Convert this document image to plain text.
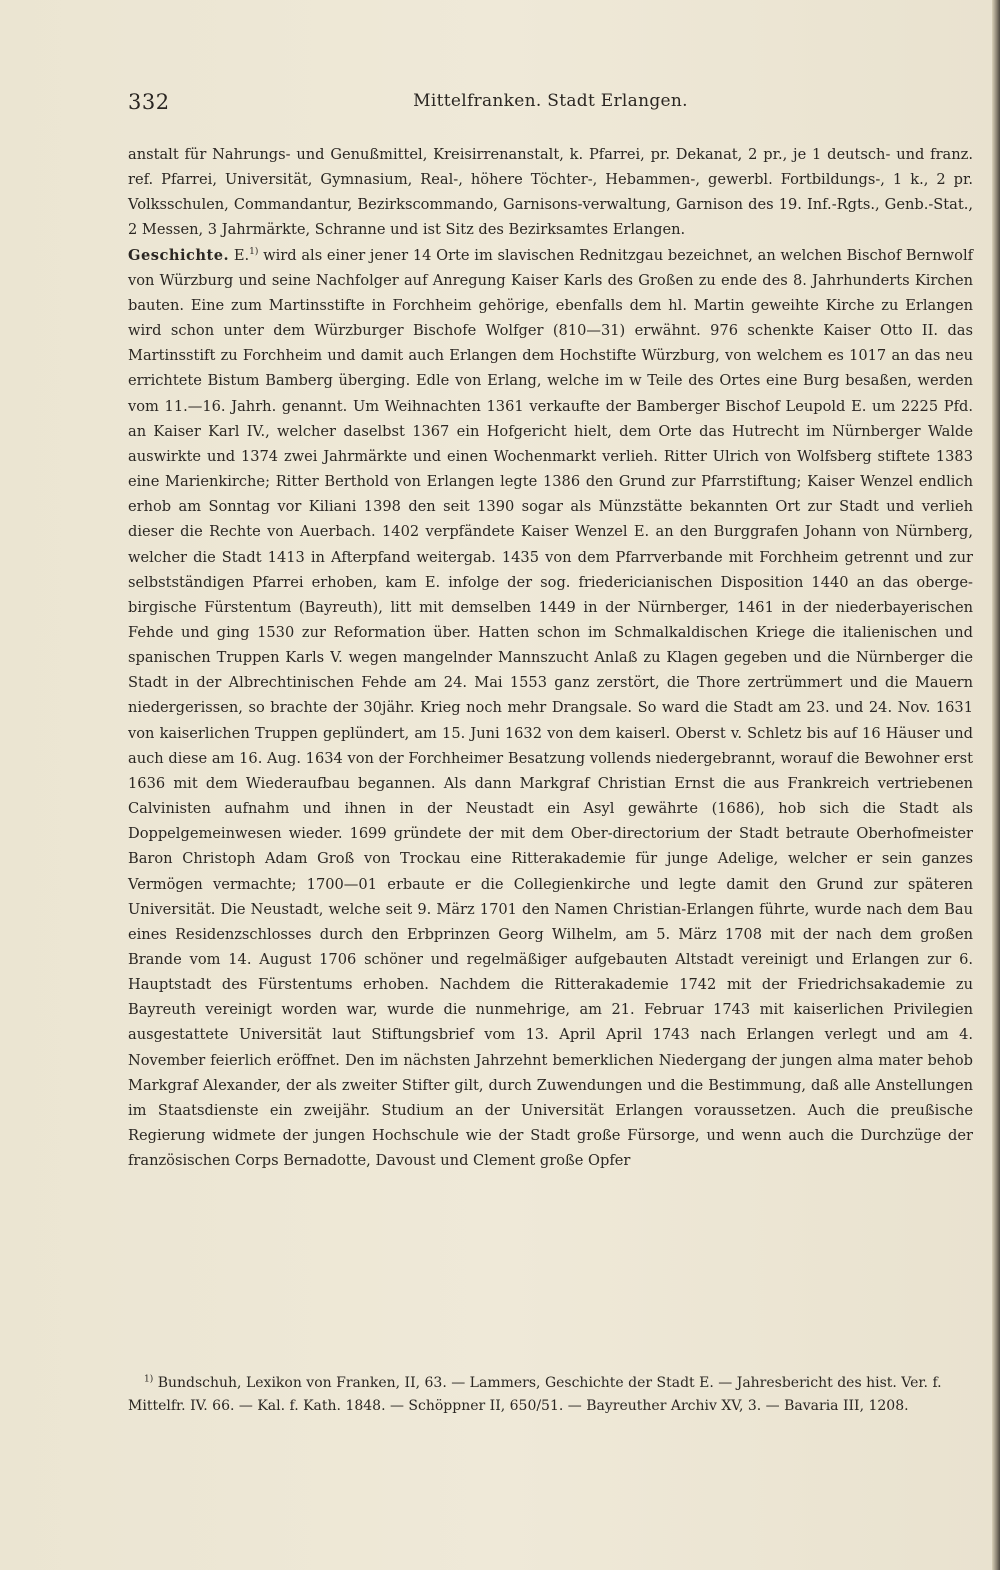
332	Mittelfranken. Stadt Erlangen.

anstalt für Nahrungs- und Genußmittel, Kreisirrenanstalt, k. Pfarrei, pr. Dekanat, 2 pr., je 1 deutsch- und franz. ref. Pfarrei, Universität, Gymnasium, Real-, höhere Töchter-, Hebammen-, gewerbl. Fortbildungs-, 1 k., 2 pr. Volksschulen, Commandantur, Bezirkscommando, Garnisons-verwaltung, Garnison des 19. Inf.-Rgts., Genb.-Stat., 2 Messen, 3 Jahrmärkte, Schranne und ist Sitz des Bezirksamtes Erlangen.

Geschichte. E.$^{1)}$ wird als einer jener 14 Orte im slavischen Rednitzgau bezeichnet, an welchen Bischof Bernwolf von Würzburg und seine Nachfolger auf Anregung Kaiser Karls des Großen zu ende des 8. Jahrhunderts Kirchen bauten. Eine zum Martinsstifte in Forchheim gehörige, ebenfalls dem hl. Martin geweihte Kirche zu Erlangen wird schon unter dem Würzburger Bischofe Wolfger (810—31) erwähnt. 976 schenkte Kaiser Otto II. das Martinsstift zu Forchheim und damit auch Erlangen dem Hochstifte Würzburg, von welchem es 1017 an das neu errichtete Bistum Bamberg überging. Edle von Erlang, welche im w Teile des Ortes eine Burg besaßen, werden vom 11.—16. Jahrh. genannt. Um Weihnachten 1361 verkaufte der Bamberger Bischof Leupold E. um 2225 Pfd. an Kaiser Karl IV., welcher daselbst 1367 ein Hofgericht hielt, dem Orte das Hutrecht im Nürnberger Walde auswirkte und 1374 zwei Jahrmärkte und einen Wochenmarkt verlieh. Ritter Ulrich von Wolfsberg stiftete 1383 eine Marienkirche; Ritter Berthold von Erlangen legte 1386 den Grund zur Pfarrstiftung; Kaiser Wenzel endlich erhob am Sonntag vor Kiliani 1398 den seit 1390 sogar als Münzstätte bekannten Ort zur Stadt und verlieh dieser die Rechte von Auerbach. 1402 verpfändete Kaiser Wenzel E. an den Burggrafen Johann von Nürnberg, welcher die Stadt 1413 in Afterpfand weitergab. 1435 von dem Pfarrverbande mit Forchheim getrennt und zur selbstständigen Pfarrei erhoben, kam E. infolge der sog. friedericianischen Disposition 1440 an das oberge-birgische Fürstentum (Bayreuth), litt mit demselben 1449 in der Nürnberger, 1461 in der niederbayerischen Fehde und ging 1530 zur Reformation über. Hatten schon im Schmalkaldischen Kriege die italienischen und spanischen Truppen Karls V. wegen mangelnder Mannszucht Anlaß zu Klagen gegeben und die Nürnberger die Stadt in der Albrechtinischen Fehde am 24. Mai 1553 ganz zerstört, die Thore zertrümmert und die Mauern niedergerissen, so brachte der 30jähr. Krieg noch mehr Drangsale. So ward die Stadt am 23. und 24. Nov. 1631 von kaiserlichen Truppen geplündert, am 15. Juni 1632 von dem kaiserl. Oberst v. Schletz bis auf 16 Häuser und auch diese am 16. Aug. 1634 von der Forchheimer Besatzung vollends niedergebrannt, worauf die Bewohner erst 1636 mit dem Wiederaufbau begannen. Als dann Markgraf Christian Ernst die aus Frankreich vertriebenen Calvinisten aufnahm und ihnen in der Neustadt ein Asyl gewährte (1686), hob sich die Stadt als Doppelgemeinwesen wieder. 1699 gründete der mit dem Ober-directorium der Stadt betraute Oberhofmeister Baron Christoph Adam Groß von Trockau eine Ritterakademie für junge Adelige, welcher er sein ganzes Vermögen vermachte; 1700—01 erbaute er die Collegienkirche und legte damit den Grund zur späteren Universität. Die Neustadt, welche seit 9. März 1701 den Namen Christian-Erlangen führte, wurde nach dem Bau eines Residenzschlosses durch den Erbprinzen Georg Wilhelm, am 5. März 1708 mit der nach dem großen Brande vom 14. August 1706 schöner und regelmäßiger aufgebauten Altstadt vereinigt und Erlangen zur 6. Hauptstadt des Fürstentums erhoben. Nachdem die Ritterakademie 1742 mit der Friedrichsakademie zu Bayreuth vereinigt worden war, wurde die nunmehrige, am 21. Februar 1743 mit kaiserlichen Privilegien ausgestattete Universität laut Stiftungsbrief vom 13. April April 1743 nach Erlangen verlegt und am 4. November feierlich eröffnet. Den im nächsten Jahrzehnt bemerklichen Niedergang der jungen alma mater behob Markgraf Alexander, der als zweiter Stifter gilt, durch Zuwendungen und die Bestimmung, daß alle Anstellungen im Staatsdienste ein zweijähr. Studium an der Universität Erlangen voraussetzen. Auch die preußische Regierung widmete der jungen Hochschule wie der Stadt große Fürsorge, und wenn auch die Durchzüge der französischen Corps Bernadotte, Davoust und Clement große Opfer

$^{1)}$ Bundschuh, Lexikon von Franken, II, 63. — Lammers, Geschichte der Stadt E. — Jahresbericht des hist. Ver. f. Mittelfr. IV. 66. — Kal. f. Kath. 1848. — Schöppner II, 650/51. — Bayreuther Archiv XV, 3. — Bavaria III, 1208.
